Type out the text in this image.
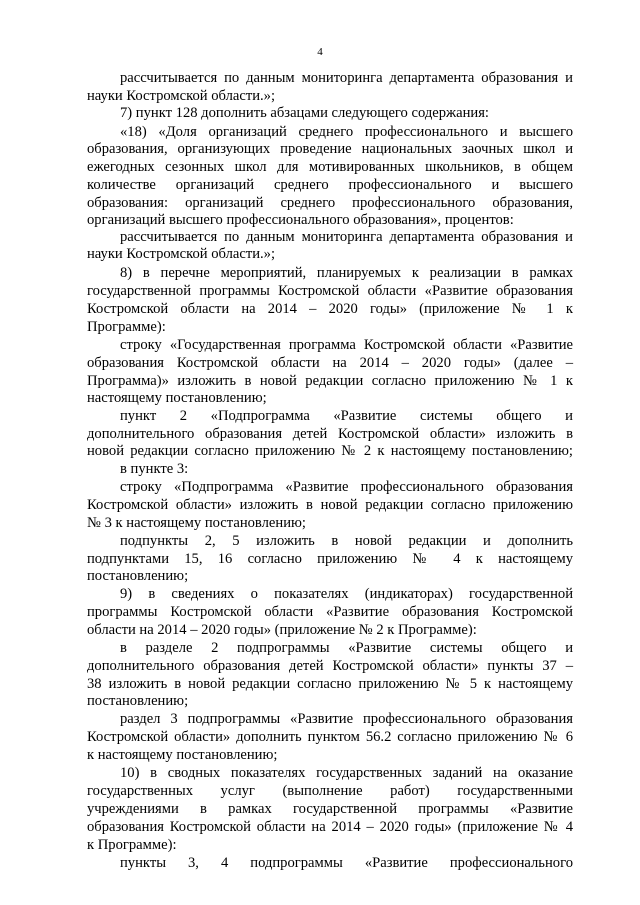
4
рассчитывается по данным мониторинга департамента образования и
науки Костромской области.»;
7) пункт 128 дополнить абзацами следующего содержания:
«18) «Доля организаций среднего профессионального и высшего
образования, организующих проведение национальных заочных школ и
ежегодных сезонных школ для мотивированных школьников, в общем
количестве организаций среднего профессионального и высшего
образования: организаций среднего профессионального образования,
организаций высшего профессионального образования», процентов:
рассчитывается по данным мониторинга департамента образования и
науки Костромской области.»;
8) в перечне мероприятий, планируемых к реализации в рамках
государственной программы Костромской области «Развитие образования
Костромской области на 2014 – 2020 годы» (приложение № 1 к
Программе):
строку «Государственная программа Костромской области «Развитие
образования Костромской области на 2014 – 2020 годы» (далее –
Программа)» изложить в новой редакции согласно приложению № 1 к
настоящему постановлению;
пункт 2 «Подпрограмма «Развитие системы общего и
дополнительного образования детей Костромской области» изложить в
новой редакции согласно приложению № 2 к настоящему постановлению;
в пункте 3:
строку «Подпрограмма «Развитие профессионального образования
Костромской области» изложить в новой редакции согласно приложению
№ 3 к настоящему постановлению;
подпункты 2, 5 изложить в новой редакции и дополнить
подпунктами 15, 16 согласно приложению № 4 к настоящему
постановлению;
9) в сведениях о показателях (индикаторах) государственной
программы Костромской области «Развитие образования Костромской
области на 2014 – 2020 годы» (приложение № 2 к Программе):
в разделе 2 подпрограммы «Развитие системы общего и
дополнительного образования детей Костромской области» пункты 37 –
38 изложить в новой редакции согласно приложению № 5 к настоящему
постановлению;
раздел 3 подпрограммы «Развитие профессионального образования
Костромской области» дополнить пунктом 56.2 согласно приложению № 6
к настоящему постановлению;
10) в сводных показателях государственных заданий на оказание
государственных услуг (выполнение работ) государственными
учреждениями в рамках государственной программы «Развитие
образования Костромской области на 2014 – 2020 годы» (приложение № 4
к Программе):
пункты 3, 4 подпрограммы «Развитие профессионального
